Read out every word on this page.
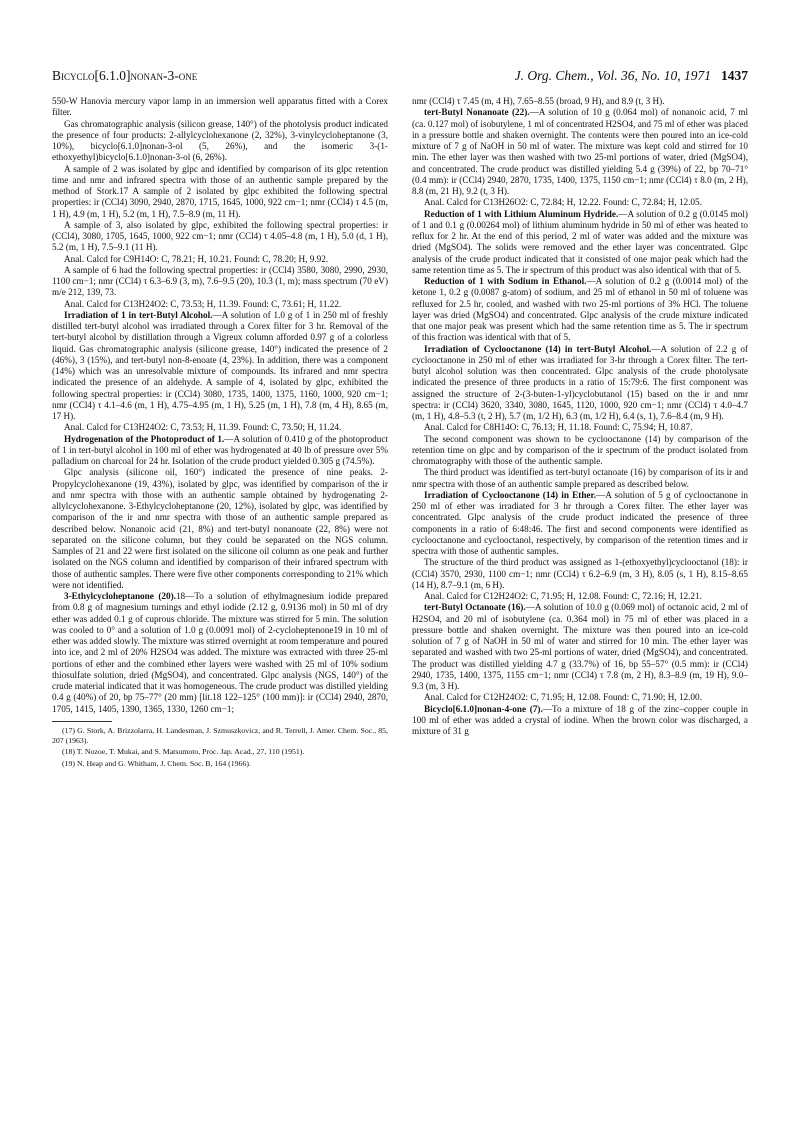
Bicyclo[6.1.0]nonan-3-one	J. Org. Chem., Vol. 36, No. 10, 1971 1437

550-W Hanovia mercury vapor lamp in an immersion well apparatus fitted with a Corex filter.

Gas chromatographic analysis (silicon grease, 140°) of the photolysis product indicated the presence of four products: 2-allylcyclohexanone (2, 32%), 3-vinylcycloheptanone (3, 10%), bicyclo[6.1.0]nonan-3-ol (5, 26%), and the isomeric 3-(1-ethoxyethyl)bicyclo[6.1.0]nonan-3-ol (6, 26%).

A sample of 2 was isolated by glpc and identified by comparison of its glpc retention time and nmr and infrared spectra with those of an authentic sample prepared by the method of Stork.17 A sample of 2 isolated by glpc exhibited the following spectral properties: ir (CCl4) 3090, 2940, 2870, 1715, 1645, 1000, 922 cm−1; nmr (CCl4) τ 4.5 (m, 1 H), 4.9 (m, 1 H), 5.2 (m, 1 H), 7.5–8.9 (m, 11 H).

A sample of 3, also isolated by glpc, exhibited the following spectral properties: ir (CCl4), 3080, 1705, 1645, 1000, 922 cm−1; nmr (CCl4) τ 4.05–4.8 (m, 1 H), 5.0 (d, 1 H), 5.2 (m, 1 H), 7.5–9.1 (11 H).

Anal. Calcd for C9H14O: C, 78.21; H, 10.21. Found: C, 78.20; H, 9.92.

A sample of 6 had the following spectral properties: ir (CCl4) 3580, 3080, 2990, 2930, 1100 cm−1; nmr (CCl4) τ 6.3–6.9 (3, m), 7.6–9.5 (20), 10.3 (1, m); mass spectrum (70 eV) m/e 212, 139, 73.

Anal. Calcd for C13H24O2: C, 73.53; H, 11.39. Found: C, 73.61; H, 11.22.

Irradiation of 1 in tert-Butyl Alcohol.—A solution of 1.0 g of 1 in 250 ml of freshly distilled tert-butyl alcohol was irradiated through a Corex filter for 3 hr. Removal of the tert-butyl alcohol by distillation through a Vigreux column afforded 0.97 g of a colorless liquid. Gas chromatographic analysis (silicone grease, 140°) indicated the presence of 2 (46%), 3 (15%), and tert-butyl non-8-enoate (4, 23%). In addition, there was a component (14%) which was an unresolvable mixture of compounds. Its infrared and nmr spectra indicated the presence of an aldehyde. A sample of 4, isolated by glpc, exhibited the following spectral properties: ir (CCl4) 3080, 1735, 1400, 1375, 1160, 1000, 920 cm−1; nmr (CCl4) τ 4.1–4.6 (m, 1 H), 4.75–4.95 (m, 1 H), 5.25 (m, 1 H), 7.8 (m, 4 H), 8.65 (m, 17 H).

Anal. Calcd for C13H24O2: C, 73.53; H, 11.39. Found: C, 73.50; H, 11.24.

Hydrogenation of the Photoproduct of 1.—A solution of 0.410 g of the photoproduct of 1 in tert-butyl alcohol in 100 ml of ether was hydrogenated at 40 lb of pressure over 5% palladium on charcoal for 24 hr. Isolation of the crude product yielded 0.305 g (74.5%).

Glpc analysis (silicone oil, 160°) indicated the presence of nine peaks. 2-Propylcyclohexanone (19, 43%), isolated by glpc, was identified by comparison of the ir and nmr spectra with those with an authentic sample obtained by hydrogenating 2-allylcyclohexanone. 3-Ethylcycloheptanone (20, 12%), isolated by glpc, was identified by comparison of the ir and nmr spectra with those of an authentic sample prepared as described below. Nonanoic acid (21, 8%) and tert-butyl nonanoate (22, 8%) were not separated on the silicone column, but they could be separated on the NGS column. Samples of 21 and 22 were first isolated on the silicone oil column as one peak and further isolated on the NGS column and identified by comparison of their infrared spectrum with those of authentic samples. There were five other components corresponding to 21% which were not identified.

3-Ethylcycloheptanone (20).18—To a solution of ethylmagnesium iodide prepared from 0.8 g of magnesium turnings and ethyl iodide (2.12 g, 0.9136 mol) in 50 ml of dry ether was added 0.1 g of cuprous chloride. The mixture was stirred for 5 min. The solution was cooled to 0° and a solution of 1.0 g (0.0091 mol) of 2-cycloheptenone19 in 10 ml of ether was added slowly. The mixture was stirred overnight at room temperature and poured into ice, and 2 ml of 20% H2SO4 was added. The mixture was extracted with three 25-ml portions of ether and the combined ether layers were washed with 25 ml of 10% sodium thiosulfate solution, dried (MgSO4), and concentrated. Glpc analysis (NGS, 140°) of the crude material indicated that it was homogeneous. The crude product was distilled yielding 0.4 g (40%) of 20, bp 75–77° (20 mm) [lit.18 122–125° (100 mm)]: ir (CCl4) 2940, 2870, 1705, 1415, 1405, 1390, 1365, 1330, 1260 cm−1;

(17) G. Stork, A. Brizzolarra, H. Landesman, J. Szmuszkovicz, and R. Terrell, J. Amer. Chem. Soc., 85, 207 (1963).

(18) T. Nozoe, T. Mukai, and S. Matsumoto, Proc. Jap. Acad., 27, 110 (1951).

(19) N. Heap and G. Whitham, J. Chem. Soc. B, 164 (1966).

nmr (CCl4) τ 7.45 (m, 4 H), 7.65–8.55 (broad, 9 H), and 8.9 (t, 3 H).

tert-Butyl Nonanoate (22).—A solution of 10 g (0.064 mol) of nonanoic acid, 7 ml (ca. 0.127 mol) of isobutylene, 1 ml of concentrated H2SO4, and 75 ml of ether was placed in a pressure bottle and shaken overnight. The contents were then poured into an ice-cold mixture of 7 g of NaOH in 50 ml of water. The mixture was kept cold and stirred for 10 min. The ether layer was then washed with two 25-ml portions of water, dried (MgSO4), and concentrated. The crude product was distilled yielding 5.4 g (39%) of 22, bp 70–71° (0.4 mm): ir (CCl4) 2940, 2870, 1735, 1400, 1375, 1150 cm−1; nmr (CCl4) τ 8.0 (m, 2 H), 8.8 (m, 21 H), 9.2 (t, 3 H).

Anal. Calcd for C13H26O2: C, 72.84; H, 12.22. Found: C, 72.84; H, 12.05.

Reduction of 1 with Lithium Aluminum Hydride.—A solution of 0.2 g (0.0145 mol) of 1 and 0.1 g (0.00264 mol) of lithium aluminum hydride in 50 ml of ether was heated to reflux for 2 hr. At the end of this period, 2 ml of water was added and the mixture was dried (MgSO4). The solids were removed and the ether layer was concentrated. Glpc analysis of the crude product indicated that it consisted of one major peak which had the same retention time as 5. The ir spectrum of this product was also identical with that of 5.

Reduction of 1 with Sodium in Ethanol.—A solution of 0.2 g (0.0014 mol) of the ketone 1, 0.2 g (0.0087 g-atom) of sodium, and 25 ml of ethanol in 50 ml of toluene was refluxed for 2.5 hr, cooled, and washed with two 25-ml portions of 3% HCl. The toluene layer was dried (MgSO4) and concentrated. Glpc analysis of the crude mixture indicated that one major peak was present which had the same retention time as 5. The ir spectrum of this fraction was identical with that of 5.

Irradiation of Cyclooctanone (14) in tert-Butyl Alcohol.—A solution of 2.2 g of cyclooctanone in 250 ml of ether was irradiated for 3-hr through a Corex filter. The tert-butyl alcohol solution was then concentrated. Glpc analysis of the crude photolysate indicated the presence of three products in a ratio of 15:79:6. The first component was assigned the structure of 2-(3-buten-1-yl)cyclobutanol (15) based on the ir and nmr spectra: ir (CCl4) 3620, 3340, 3080, 1645, 1120, 1000, 920 cm−1; nmr (CCl4) τ 4.0–4.7 (m, 1 H), 4.8–5.3 (t, 2 H), 5.7 (m, 1/2 H), 6.3 (m, 1/2 H), 6.4 (s, 1), 7.6–8.4 (m, 9 H).

Anal. Calcd for C8H14O: C, 76.13; H, 11.18. Found: C, 75.94; H, 10.87.

The second component was shown to be cyclooctanone (14) by comparison of the retention time on glpc and by comparison of the ir spectrum of the product isolated from chromatography with those of the authentic sample.

The third product was identified as tert-butyl octanoate (16) by comparison of its ir and nmr spectra with those of an authentic sample prepared as described below.

Irradiation of Cyclooctanone (14) in Ether.—A solution of 5 g of cyclooctanone in 250 ml of ether was irradiated for 3 hr through a Corex filter. The ether layer was concentrated. Glpc analysis of the crude product indicated the presence of three components in a ratio of 6:48:46. The first and second components were identified as cyclooctanone and cyclooctanol, respectively, by comparison of the retention times and ir spectra with those of authentic samples.

The structure of the third product was assigned as 1-(ethoxyethyl)cyclooctanol (18): ir (CCl4) 3570, 2930, 1100 cm−1; nmr (CCl4) τ 6.2–6.9 (m, 3 H), 8.05 (s, 1 H), 8.15–8.65 (14 H), 8.7–9.1 (m, 6 H).

Anal. Calcd for C12H24O2: C, 71.95; H, 12.08. Found: C, 72.16; H, 12.21.

tert-Butyl Octanoate (16).—A solution of 10.0 g (0.069 mol) of octanoic acid, 2 ml of H2SO4, and 20 ml of isobutylene (ca. 0.364 mol) in 75 ml of ether was placed in a pressure bottle and shaken overnight. The mixture was then poured into an ice-cold solution of 7 g of NaOH in 50 ml of water and stirred for 10 min. The ether layer was separated and washed with two 25-ml portions of water, dried (MgSO4), and concentrated. The product was distilled yielding 4.7 g (33.7%) of 16, bp 55–57° (0.5 mm): ir (CCl4) 2940, 1735, 1400, 1375, 1155 cm−1; nmr (CCl4) τ 7.8 (m, 2 H), 8.3–8.9 (m, 19 H), 9.0–9.3 (m, 3 H).

Anal. Calcd for C12H24O2: C, 71.95; H, 12.08. Found: C, 71.90; H, 12.00.

Bicyclo[6.1.0]nonan-4-one (7).—To a mixture of 18 g of the zinc–copper couple in 100 ml of ether was added a crystal of iodine. When the brown color was discharged, a mixture of 31 g
